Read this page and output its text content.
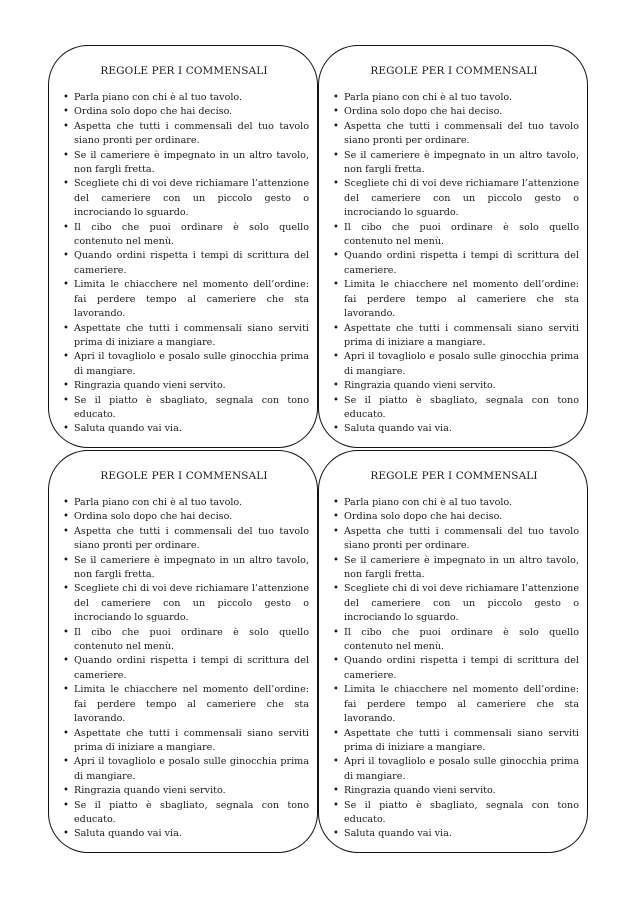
REGOLE PER I COMMENSALI
• Parla piano con chi è al tuo tavolo.
• Ordina solo dopo che hai deciso.
• Aspetta che tutti i commensali del tuo tavolo siano pronti per ordinare.
• Se il cameriere è impegnato in un altro tavolo, non fargli fretta.
• Scegliete chi di voi deve richiamare l’attenzione del cameriere con un piccolo gesto o incrociando lo sguardo.
• Il cibo che puoi ordinare è solo quello contenuto nel menù.
• Quando ordini rispetta i tempi di scrittura del cameriere.
• Limita le chiacchere nel momento dell’ordine: fai perdere tempo al cameriere che sta lavorando.
• Aspettate che tutti i commensali siano serviti prima di iniziare a mangiare.
• Apri il tovagliolo e posalo sulle ginocchia prima di mangiare.
• Ringrazia quando vieni servito.
• Se il piatto è sbagliato, segnala con tono educato.
• Saluta quando vai via.
REGOLE PER I COMMENSALI
• Parla piano con chi è al tuo tavolo.
• Ordina solo dopo che hai deciso.
• Aspetta che tutti i commensali del tuo tavolo siano pronti per ordinare.
• Se il cameriere è impegnato in un altro tavolo, non fargli fretta.
• Scegliete chi di voi deve richiamare l’attenzione del cameriere con un piccolo gesto o incrociando lo sguardo.
• Il cibo che puoi ordinare è solo quello contenuto nel menù.
• Quando ordini rispetta i tempi di scrittura del cameriere.
• Limita le chiacchere nel momento dell’ordine: fai perdere tempo al cameriere che sta lavorando.
• Aspettate che tutti i commensali siano serviti prima di iniziare a mangiare.
• Apri il tovagliolo e posalo sulle ginocchia prima di mangiare.
• Ringrazia quando vieni servito.
• Se il piatto è sbagliato, segnala con tono educato.
• Saluta quando vai via.
REGOLE PER I COMMENSALI
• Parla piano con chi è al tuo tavolo.
• Ordina solo dopo che hai deciso.
• Aspetta che tutti i commensali del tuo tavolo siano pronti per ordinare.
• Se il cameriere è impegnato in un altro tavolo, non fargli fretta.
• Scegliete chi di voi deve richiamare l’attenzione del cameriere con un piccolo gesto o incrociando lo sguardo.
• Il cibo che puoi ordinare è solo quello contenuto nel menù.
• Quando ordini rispetta i tempi di scrittura del cameriere.
• Limita le chiacchere nel momento dell’ordine: fai perdere tempo al cameriere che sta lavorando.
• Aspettate che tutti i commensali siano serviti prima di iniziare a mangiare.
• Apri il tovagliolo e posalo sulle ginocchia prima di mangiare.
• Ringrazia quando vieni servito.
• Se il piatto è sbagliato, segnala con tono educato.
• Saluta quando vai via.
REGOLE PER I COMMENSALI
• Parla piano con chi è al tuo tavolo.
• Ordina solo dopo che hai deciso.
• Aspetta che tutti i commensali del tuo tavolo siano pronti per ordinare.
• Se il cameriere è impegnato in un altro tavolo, non fargli fretta.
• Scegliete chi di voi deve richiamare l’attenzione del cameriere con un piccolo gesto o incrociando lo sguardo.
• Il cibo che puoi ordinare è solo quello contenuto nel menù.
• Quando ordini rispetta i tempi di scrittura del cameriere.
• Limita le chiacchere nel momento dell’ordine: fai perdere tempo al cameriere che sta lavorando.
• Aspettate che tutti i commensali siano serviti prima di iniziare a mangiare.
• Apri il tovagliolo e posalo sulle ginocchia prima di mangiare.
• Ringrazia quando vieni servito.
• Se il piatto è sbagliato, segnala con tono educato.
• Saluta quando vai via.
